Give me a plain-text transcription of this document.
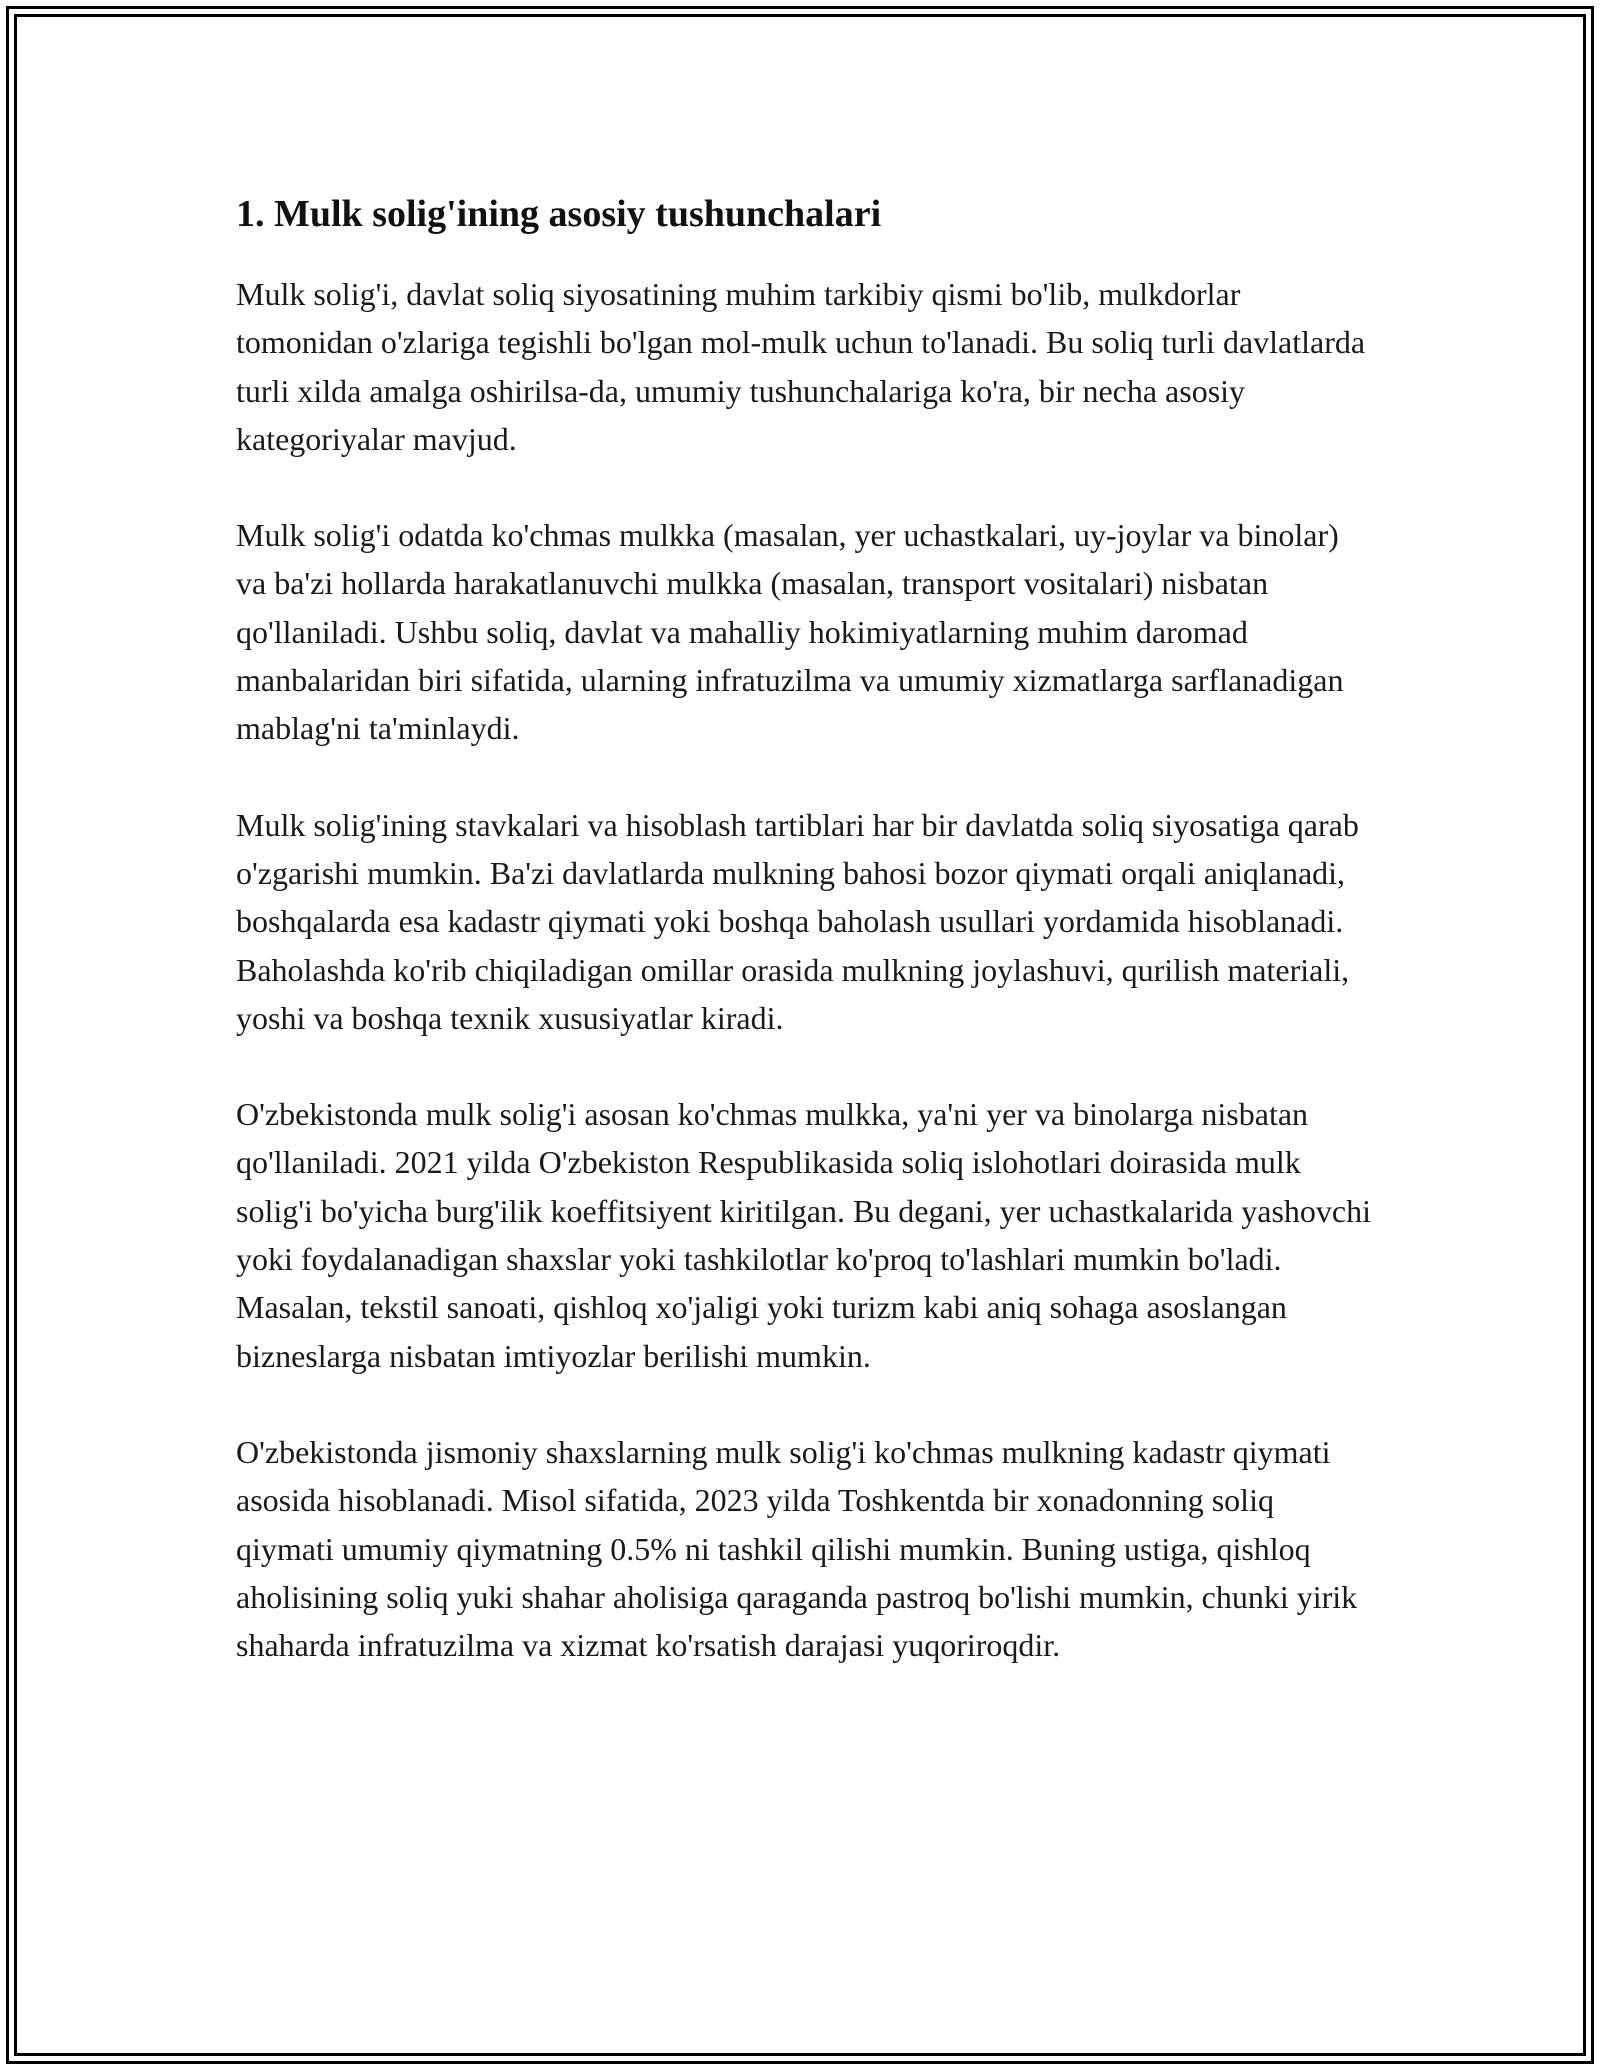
1. Mulk solig'ining asosiy tushunchalari

Mulk solig'i, davlat soliq siyosatining muhim tarkibiy qismi bo'lib, mulkdorlar tomonidan o'zlariga tegishli bo'lgan mol-mulk uchun to'lanadi. Bu soliq turli davlatlarda turli xilda amalga oshirilsa-da, umumiy tushunchalariga ko'ra, bir necha asosiy kategoriyalar mavjud.

Mulk solig'i odatda ko'chmas mulkka (masalan, yer uchastkalari, uy-joylar va binolar) va ba'zi hollarda harakatlanuvchi mulkka (masalan, transport vositalari) nisbatan qo'llaniladi. Ushbu soliq, davlat va mahalliy hokimiyatlarning muhim daromad manbalaridan biri sifatida, ularning infratuzilma va umumiy xizmatlarga sarflanadigan mablag'ni ta'minlaydi.

Mulk solig'ining stavkalari va hisoblash tartiblari har bir davlatda soliq siyosatiga qarab o'zgarishi mumkin. Ba'zi davlatlarda mulkning bahosi bozor qiymati orqali aniqlanadi, boshqalarda esa kadastr qiymati yoki boshqa baholash usullari yordamida hisoblanadi. Baholashda ko'rib chiqiladigan omillar orasida mulkning joylashuvi, qurilish materiali, yoshi va boshqa texnik xususiyatlar kiradi.

O'zbekistonda mulk solig'i asosan ko'chmas mulkka, ya'ni yer va binolarga nisbatan qo'llaniladi. 2021 yilda O'zbekiston Respublikasida soliq islohotlari doirasida mulk solig'i bo'yicha burg'ilik koeffitsiyent kiritilgan. Bu degani, yer uchastkalarida yashovchi yoki foydalanadigan shaxslar yoki tashkilotlar ko'proq to'lashlari mumkin bo'ladi. Masalan, tekstil sanoati, qishloq xo'jaligi yoki turizm kabi aniq sohaga asoslangan bizneslarga nisbatan imtiyozlar berilishi mumkin.

O'zbekistonda jismoniy shaxslarning mulk solig'i ko'chmas mulkning kadastr qiymati asosida hisoblanadi. Misol sifatida, 2023 yilda Toshkentda bir xonadonning soliq qiymati umumiy qiymatning 0.5% ni tashkil qilishi mumkin. Buning ustiga, qishloq aholisining soliq yuki shahar aholisiga qaraganda pastroq bo'lishi mumkin, chunki yirik shaharda infratuzilma va xizmat ko'rsatish darajasi yuqoriroqdir.
